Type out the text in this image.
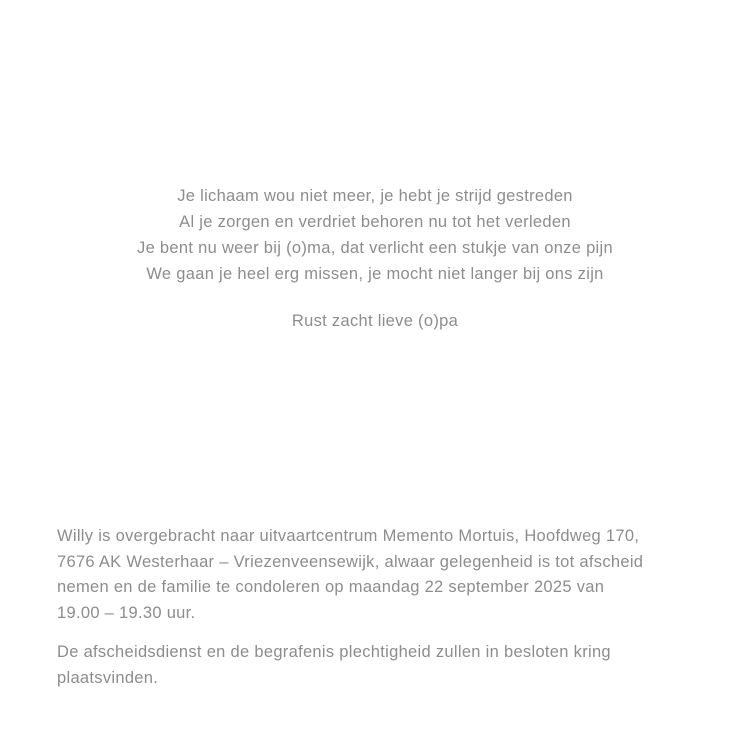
Je lichaam wou niet meer, je hebt je strijd gestreden
Al je zorgen en verdriet behoren nu tot het verleden
Je bent nu weer bij (o)ma, dat verlicht een stukje van onze pijn
We gaan je heel erg missen, je mocht niet langer bij ons zijn
Rust zacht lieve (o)pa
Willy is overgebracht naar uitvaartcentrum Memento Mortuis, Hoofdweg 170,
7676 AK Westerhaar – Vriezenveensewijk, alwaar gelegenheid is tot afscheid
nemen en de familie te condoleren op maandag 22 september 2025 van
19.00 – 19.30 uur.
De afscheidsdienst en de begrafenis plechtigheid zullen in besloten kring
plaatsvinden.
